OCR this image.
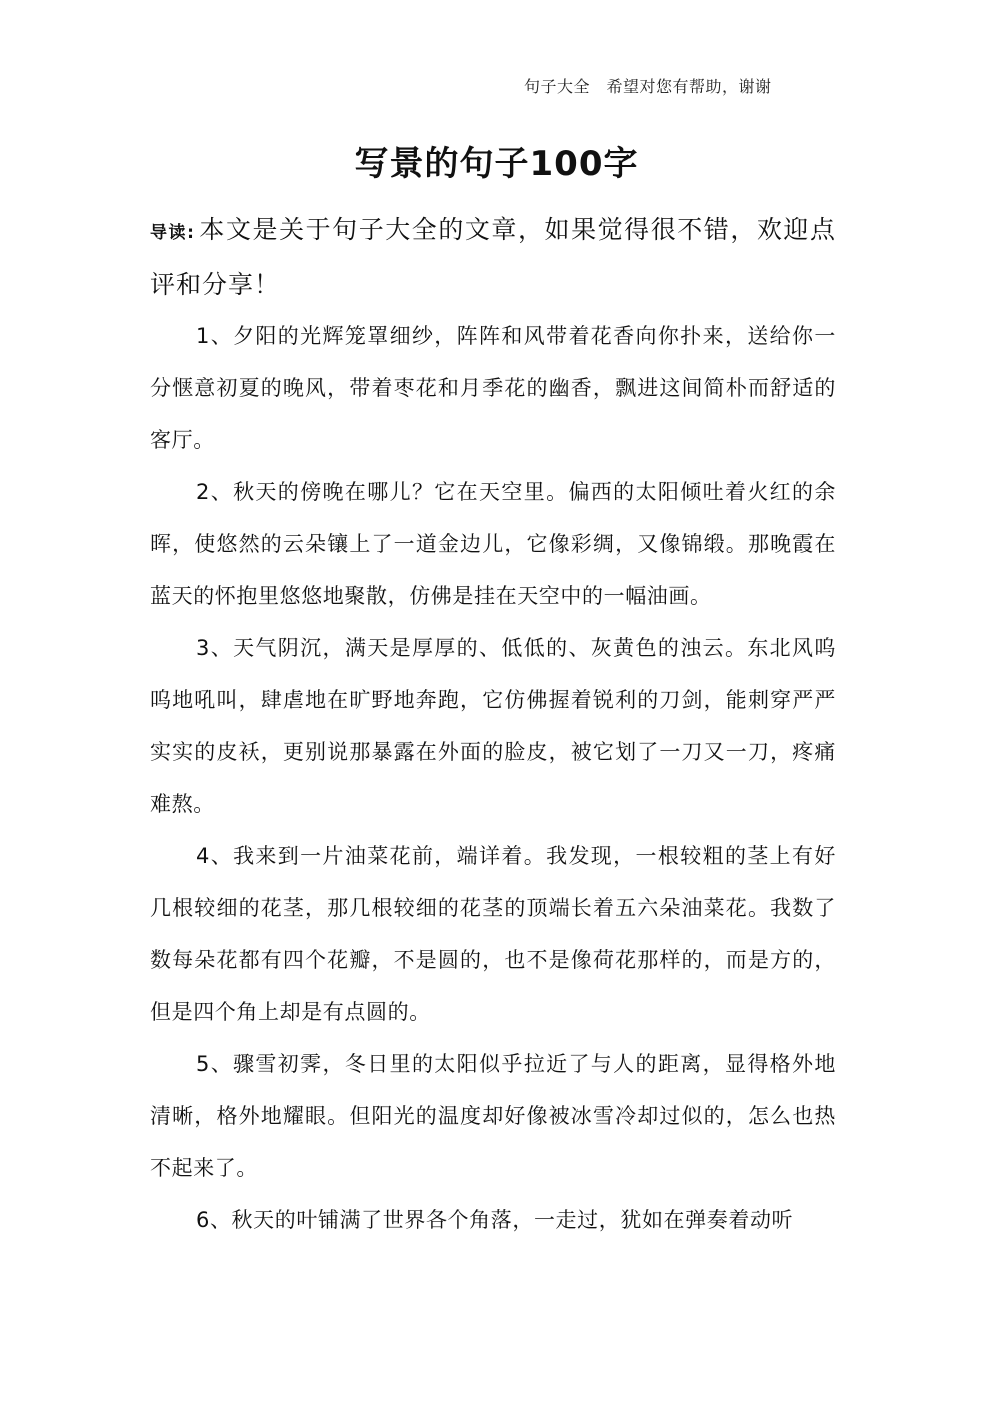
句子大全　希望对您有帮助，谢谢
写景的句子100字

导读: 本文是关于句子大全的文章，如果觉得很不错，欢迎点评和分享！

1、夕阳的光辉笼罩细纱，阵阵和风带着花香向你扑来，送给你一分惬意初夏的晚风，带着枣花和月季花的幽香，飘进这间简朴而舒适的客厅。

2、秋天的傍晚在哪儿？它在天空里。偏西的太阳倾吐着火红的余晖，使悠然的云朵镶上了一道金边儿，它像彩绸，又像锦缎。那晚霞在蓝天的怀抱里悠悠地聚散，仿佛是挂在天空中的一幅油画。

3、天气阴沉，满天是厚厚的、低低的、灰黄色的浊云。东北风呜呜地吼叫，肆虐地在旷野地奔跑，它仿佛握着锐利的刀剑，能刺穿严严实实的皮袄，更别说那暴露在外面的脸皮，被它划了一刀又一刀，疼痛难熬。

4、我来到一片油菜花前，端详着。我发现，一根较粗的茎上有好几根较细的花茎，那几根较细的花茎的顶端长着五六朵油菜花。我数了数每朵花都有四个花瓣，不是圆的，也不是像荷花那样的，而是方的，但是四个角上却是有点圆的。

5、骤雪初霁，冬日里的太阳似乎拉近了与人的距离，显得格外地清晰，格外地耀眼。但阳光的温度却好像被冰雪冷却过似的，怎么也热不起来了。

6、秋天的叶铺满了世界各个角落，一走过，犹如在弹奏着动听
